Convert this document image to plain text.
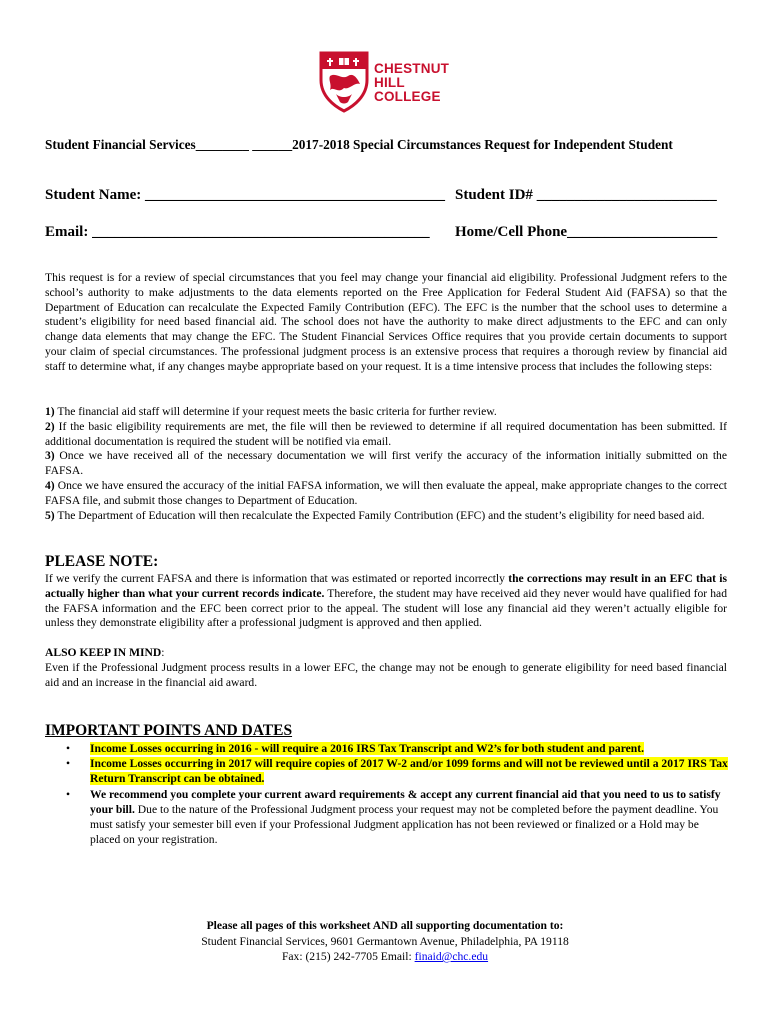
CHESTNUT
HILL
COLLEGE
Student Financial Services________ ______2017-2018 Special Circumstances Request for Independent Student
Student Name: ________________________________________ Student ID# ________________________
Email: _____________________________________________ Home/Cell Phone____________________

This request is for a review of special circumstances that you feel may change your financial aid eligibility. Professional Judgment refers to the school’s authority to make adjustments to the data elements reported on the Free Application for Federal Student Aid (FAFSA) so that the Department of Education can recalculate the Expected Family Contribution (EFC). The EFC is the number that the school uses to determine a student’s eligibility for need based financial aid. The school does not have the authority to make direct adjustments to the EFC and can only change data elements that may change the EFC. The Student Financial Services Office requires that you provide certain documents to support your claim of special circumstances. The professional judgment process is an extensive process that requires a thorough review by financial aid staff to determine what, if any changes maybe appropriate based on your request. It is a time intensive process that includes the following steps:

1) The financial aid staff will determine if your request meets the basic criteria for further review.

2) If the basic eligibility requirements are met, the file will then be reviewed to determine if all required documentation has been submitted. If additional documentation is required the student will be notified via email.

3) Once we have received all of the necessary documentation we will first verify the accuracy of the information initially submitted on the FAFSA.

4) Once we have ensured the accuracy of the initial FAFSA information, we will then evaluate the appeal, make appropriate changes to the correct FAFSA file, and submit those changes to Department of Education.

5) The Department of Education will then recalculate the Expected Family Contribution (EFC) and the student’s eligibility for need based aid.

PLEASE NOTE:

If we verify the current FAFSA and there is information that was estimated or reported incorrectly the corrections may result in an EFC that is actually higher than what your current records indicate. Therefore, the student may have received aid they never would have qualified for had the FAFSA information and the EFC been correct prior to the appeal. The student will lose any financial aid they weren’t actually eligible for unless they demonstrate eligibility after a professional judgment is approved and then applied.

ALSO KEEP IN MIND:

Even if the Professional Judgment process results in a lower EFC, the change may not be enough to generate eligibility for need based financial aid and an increase in the financial aid award.

IMPORTANT POINTS AND DATES

• Income Losses occurring in 2016 - will require a 2016 IRS Tax Transcript and W2’s for both student and parent.

• Income Losses occurring in 2017 will require copies of 2017 W-2 and/or 1099 forms and will not be reviewed until a 2017 IRS Tax Return Transcript can be obtained.

• We recommend you complete your current award requirements & accept any current financial aid that you need to us to satisfy your bill. Due to the nature of the Professional Judgment process your request may not be completed before the payment deadline. You must satisfy your semester bill even if your Professional Judgment application has not been reviewed or finalized or a Hold may be placed on your registration.

Please all pages of this worksheet AND all supporting documentation to:
Student Financial Services, 9601 Germantown Avenue, Philadelphia, PA 19118
Fax: (215) 242-7705 Email: finaid@chc.edu
